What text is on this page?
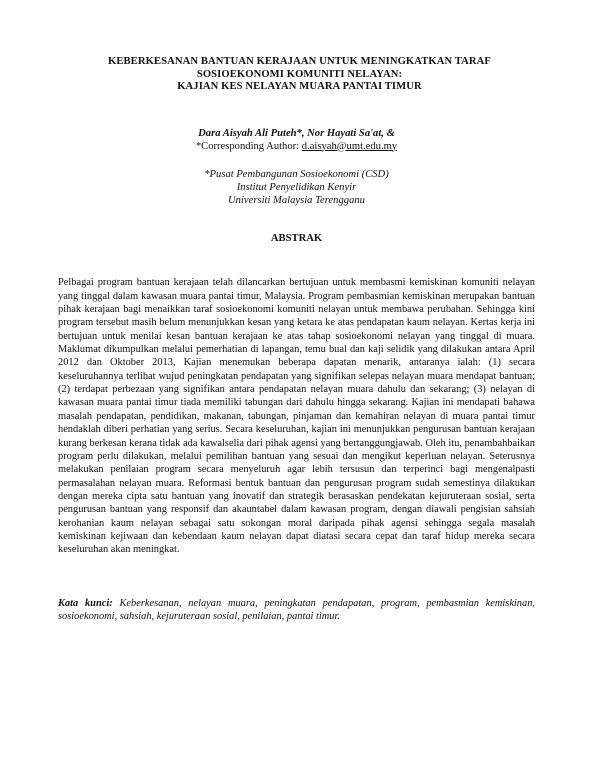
KEBERKESANAN BANTUAN KERAJAAN UNTUK MENINGKATKAN TARAF
SOSIOEKONOMI KOMUNITI NELAYAN:
KAJIAN KES NELAYAN MUARA PANTAI TIMUR
Dara Aisyah Ali Puteh*, Nor Hayati Sa'at, &
*Corresponding Author: d.aisyah@umt.edu.my
*Pusat Pembangunan Sosioekonomi (CSD)
Institut Penyelidikan Kenyir
Universiti Malaysia Terengganu
ABSTRAK

Pelbagai program bantuan kerajaan telah dilancarkan bertujuan untuk membasmi kemiskinan komuniti nelayan yang tinggal dalam kawasan muara pantai timur, Malaysia. Program pembasmian kemiskinan merupakan bantuan pihak kerajaan bagi menaikkan taraf sosioekonomi komuniti nelayan untuk membawa perubahan. Sehingga kini program tersebut masih belum menunjukkan kesan yang ketara ke atas pendapatan kaum nelayan. Kertas kerja ini bertujuan untuk menilai kesan bantuan kerajaan ke atas tahap sosioekonomi nelayan yang tinggal di muara. Maklumat dikumpulkan melalui pemerhatian di lapangan, temu bual dan kaji selidik yang dilakukan antara April 2012 dan Oktober 2013, Kajian menemukan beberapa dapatan menarik, antaranya ialah: (1) secara keseluruhannya terlihat wujud peningkatan pendapatan yang signifikan selepas nelayan muara mendapat bantuan; (2) terdapat perbezaan yang signifikan antara pendapatan nelayan muara dahulu dan sekarang; (3) nelayan di kawasan muara pantai timur tiada memiliki tabungan dari dahulu hingga sekarang. Kajian ini mendapati bahawa masalah pendapatan, pendidikan, makanan, tabungan, pinjaman dan kemahiran nelayan di muara pantai timur hendaklah diberi perhatian yang serius. Secara keseluruhan, kajian ini menunjukkan pengurusan bantuan kerajaan kurang berkesan kerana tidak ada kawalselia dari pihak agensi yang bertanggungjawab. Oleh itu, penambahbaikan program perlu dilakukan, melalui pemilihan bantuan yang sesuai dan mengikut keperluan nelayan. Seterusnya melakukan penilaian program secara menyeluruh agar lebih tersusun dan terperinci bagi mengenalpasti permasalahan nelayan muara. Reformasi bentuk bantuan dan pengurusan program sudah semestinya dilakukan dengan mereka cipta satu bantuan yang inovatif dan strategik berasaskan pendekatan kejuruteraan sosial, serta pengurusan bantuan yang responsif dan akauntabel dalam kawasan program, dengan diawali pengisian sahsiah kerohanian kaum nelayan sebagai satu sokongan moral daripada pihak agensi sehingga segala masalah kemiskinan kejiwaan dan kebendaan kaum nelayan dapat diatasi secara cepat dan taraf hidup mereka secara keseluruhan akan meningkat.

Kata kunci: Keberkesanan, nelayan muara, peningkatan pendapatan, program, pembasmian kemiskinan, sosioekonomi, sahsiah, kejuruteraan sosial, penilaian, pantai timur.
